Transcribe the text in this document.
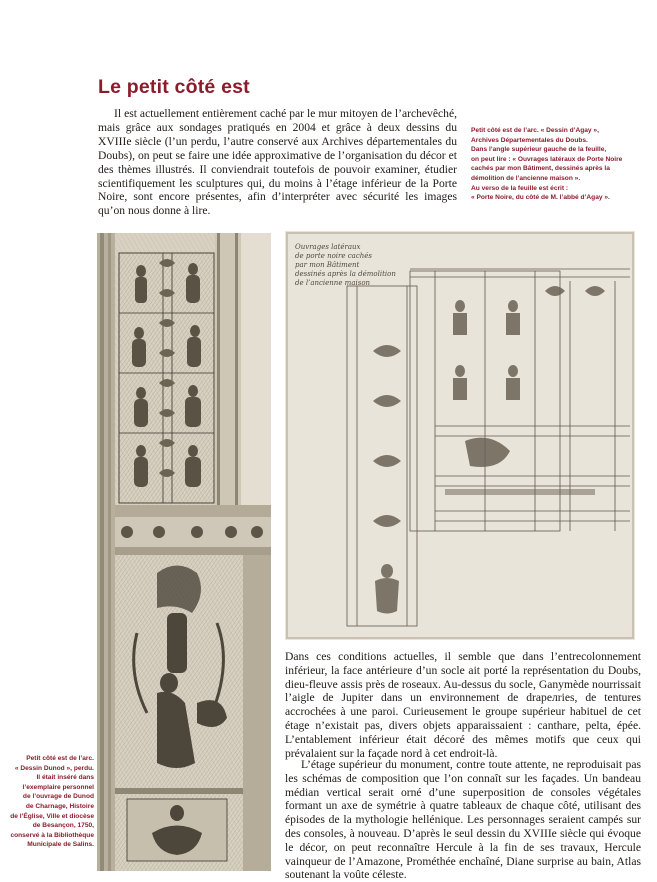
Le petit côté est

Il est actuellement entièrement caché par le mur mitoyen de l’archevêché, mais grâce aux sondages pratiqués en 2004 et grâce à deux dessins du XVIIIe siècle (l’un perdu, l’autre conservé aux Archives départementales du Doubs), on peut se faire une idée approximative de l’organisation du décor et des thèmes illustrés. Il conviendrait toutefois de pouvoir examiner, étudier scientifiquement les sculptures qui, du moins à l’étage inférieur de la Porte Noire, sont encore présentes, afin d’interpréter avec sécurité les images qu’on nous donne à lire.

Petit côté est de l’arc. « Dessin d’Agay »,
Archives Départementales du Doubs.
Dans l’angle supérieur gauche de la feuille,
on peut lire : « Ouvrages latéraux de Porte Noire
cachés par mon Bâtiment, dessinés après la
démolition de l’ancienne maison ».
Au verso de la feuille est écrit :
« Porte Noire, du côté de M. l’abbé d’Agay ».
Ouvrages latéraux
de porte noire cachés
par mon Bâtiment
dessinés après la démolition
de l’ancienne maison
Petit côté est de l’arc.
« Dessin Dunod », perdu.
Il était inséré dans
l’exemplaire personnel
de l’ouvrage de Dunod
de Charnage, Histoire
de l’Église, Ville et diocèse
de Besançon, 1750,
conservé à la Bibliothèque
Municipale de Salins.

Dans ces conditions actuelles, il semble que dans l’entrecolonnement inférieur, la face antérieure d’un socle ait porté la représentation du Doubs, dieu-fleuve assis près de roseaux. Au-dessus du socle, Ganymède nourrissait l’aigle de Jupiter dans un environnement de drapeлries, de tentures accrochées à une paroi. Curieusement le groupe supérieur habituel de cet étage n’existait pas, divers objets apparaissaient : canthare, pelta, épée. L’entablement inférieur était décoré des mêmes motifs que ceux qui prévalaient sur la façade nord à cet endroit-là.

L’étage supérieur du monument, contre toute attente, ne reproduisait pas les schémas de composition que l’on connaît sur les façades. Un bandeau médian vertical serait orné d’une superposition de consoles végétales formant un axe de symétrie à quatre tableaux de chaque côté, utilisant des épisodes de la mythologie hellénique. Les personnages seraient campés sur des consoles, à nouveau. D’après le seul dessin du XVIIIe siècle qui évoque le décor, on peut reconnaître Hercule à la fin de ses travaux, Hercule vainqueur de l’Amazone, Prométhée enchaîné, Diane surprise au bain, Atlas soutenant la voûte céleste.
